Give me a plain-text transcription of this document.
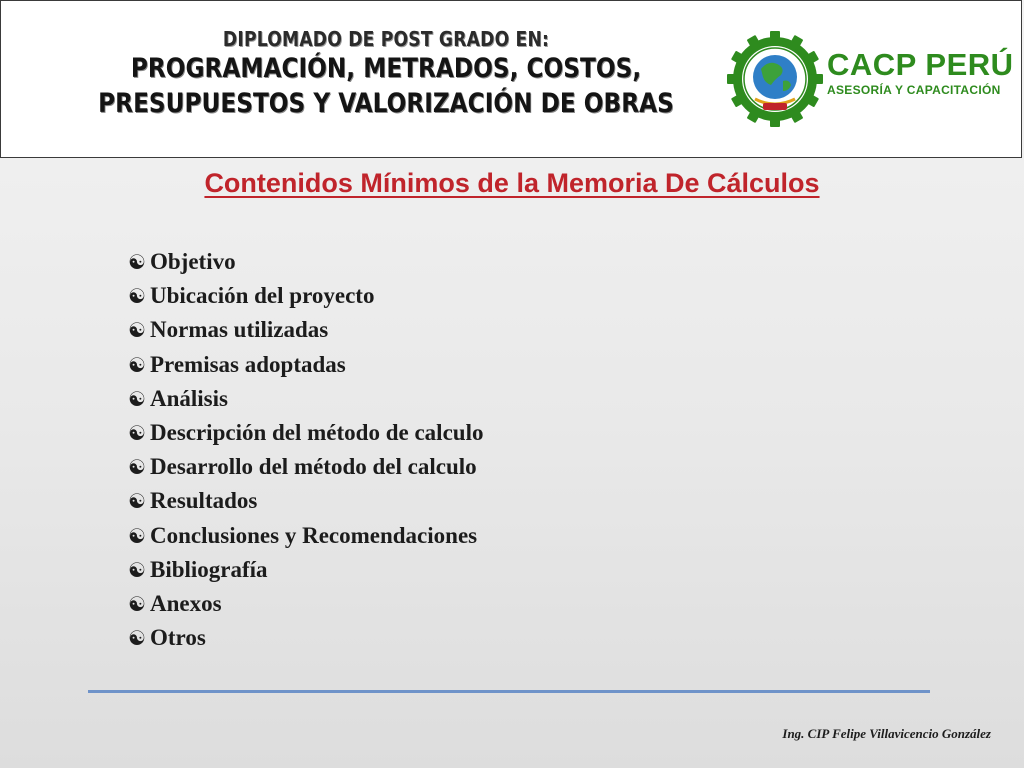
DIPLOMADO DE POST GRADO EN:
PROGRAMACIÓN, METRADOS, COSTOS,
PRESUPUESTOS Y VALORIZACIÓN DE OBRAS
CACP PERÚ
ASESORÍA Y CAPACITACIÓN
Contenidos Mínimos de la Memoria De Cálculos
☯ Objetivo
☯ Ubicación del proyecto
☯ Normas utilizadas
☯ Premisas adoptadas
☯ Análisis
☯ Descripción del método de calculo
☯ Desarrollo del método del calculo
☯ Resultados
☯ Conclusiones y Recomendaciones
☯ Bibliografía
☯ Anexos
☯ Otros
Ing. CIP Felipe Villavicencio González
